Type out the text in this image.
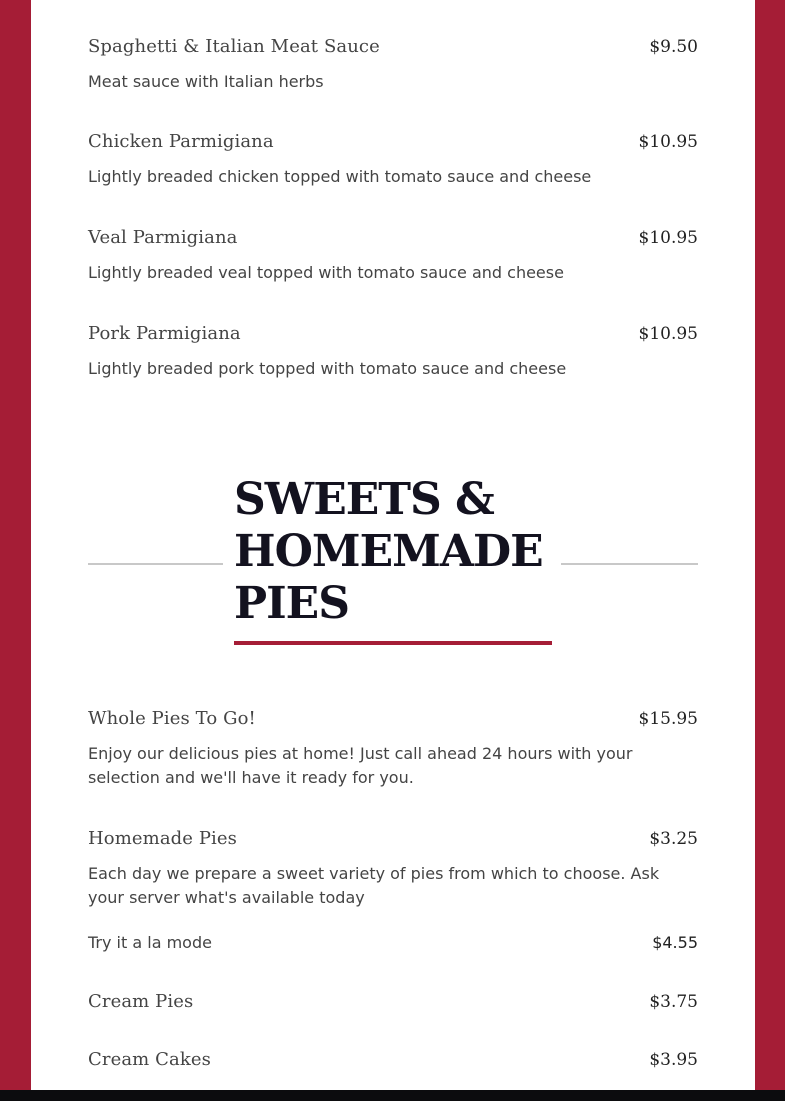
Spaghetti & Italian Meat Sauce	$9.50
Meat sauce with Italian herbs
Chicken Parmigiana	$10.95
Lightly breaded chicken topped with tomato sauce and cheese
Veal Parmigiana	$10.95
Lightly breaded veal topped with tomato sauce and cheese
Pork Parmigiana	$10.95
Lightly breaded pork topped with tomato sauce and cheese
SWEETS & HOMEMADE PIES
Whole Pies To Go!	$15.95
Enjoy our delicious pies at home! Just call ahead 24 hours with your selection and we'll have it ready for you.
Homemade Pies	$3.25
Each day we prepare a sweet variety of pies from which to choose. Ask your server what's available today
Try it a la mode	$4.55
Cream Pies	$3.75
Cream Cakes	$3.95
